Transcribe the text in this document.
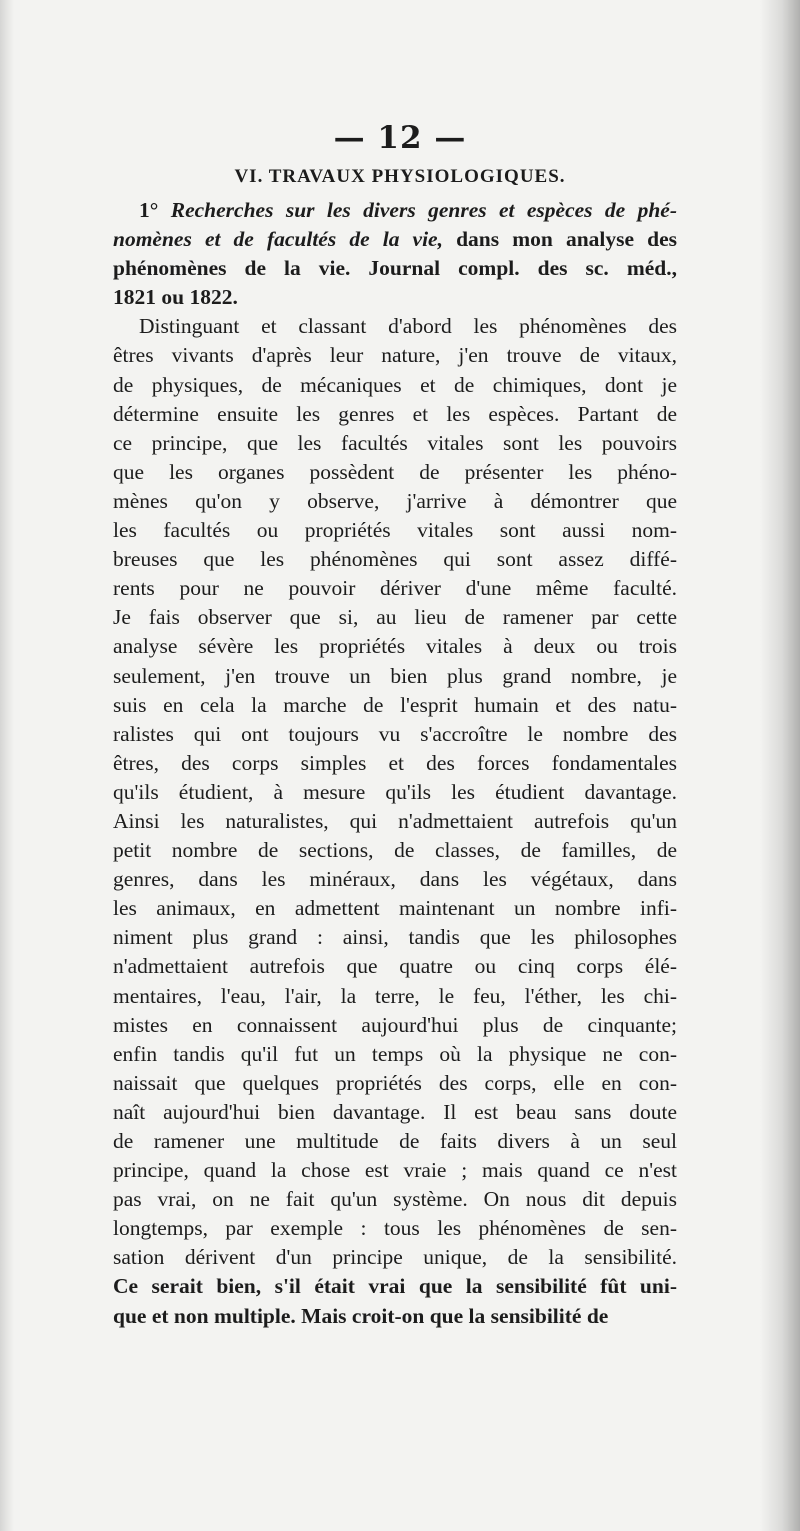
— 12 —
VI. TRAVAUX PHYSIOLOGIQUES.
1° Recherches sur les divers genres et espèces de phé-
nomènes et de facultés de la vie, dans mon analyse des
phénomènes de la vie. Journal compl. des sc. méd.,
1821 ou 1822.
Distinguant et classant d'abord les phénomènes des
êtres vivants d'après leur nature, j'en trouve de vitaux,
de physiques, de mécaniques et de chimiques, dont je
détermine ensuite les genres et les espèces. Partant de
ce principe, que les facultés vitales sont les pouvoirs
que les organes possèdent de présenter les phéno-
mènes qu'on y observe, j'arrive à démontrer que
les facultés ou propriétés vitales sont aussi nom-
breuses que les phénomènes qui sont assez diffé-
rents pour ne pouvoir dériver d'une même faculté.
Je fais observer que si, au lieu de ramener par cette
analyse sévère les propriétés vitales à deux ou trois
seulement, j'en trouve un bien plus grand nombre, je
suis en cela la marche de l'esprit humain et des natu-
ralistes qui ont toujours vu s'accroître le nombre des
êtres, des corps simples et des forces fondamentales
qu'ils étudient, à mesure qu'ils les étudient davantage.
Ainsi les naturalistes, qui n'admettaient autrefois qu'un
petit nombre de sections, de classes, de familles, de
genres, dans les minéraux, dans les végétaux, dans
les animaux, en admettent maintenant un nombre infi-
niment plus grand : ainsi, tandis que les philosophes
n'admettaient autrefois que quatre ou cinq corps élé-
mentaires, l'eau, l'air, la terre, le feu, l'éther, les chi-
mistes en connaissent aujourd'hui plus de cinquante;
enfin tandis qu'il fut un temps où la physique ne con-
naissait que quelques propriétés des corps, elle en con-
naît aujourd'hui bien davantage. Il est beau sans doute
de ramener une multitude de faits divers à un seul
principe, quand la chose est vraie ; mais quand ce n'est
pas vrai, on ne fait qu'un système. On nous dit depuis
longtemps, par exemple : tous les phénomènes de sen-
sation dérivent d'un principe unique, de la sensibilité.
Ce serait bien, s'il était vrai que la sensibilité fût uni-
que et non multiple. Mais croit-on que la sensibilité de
